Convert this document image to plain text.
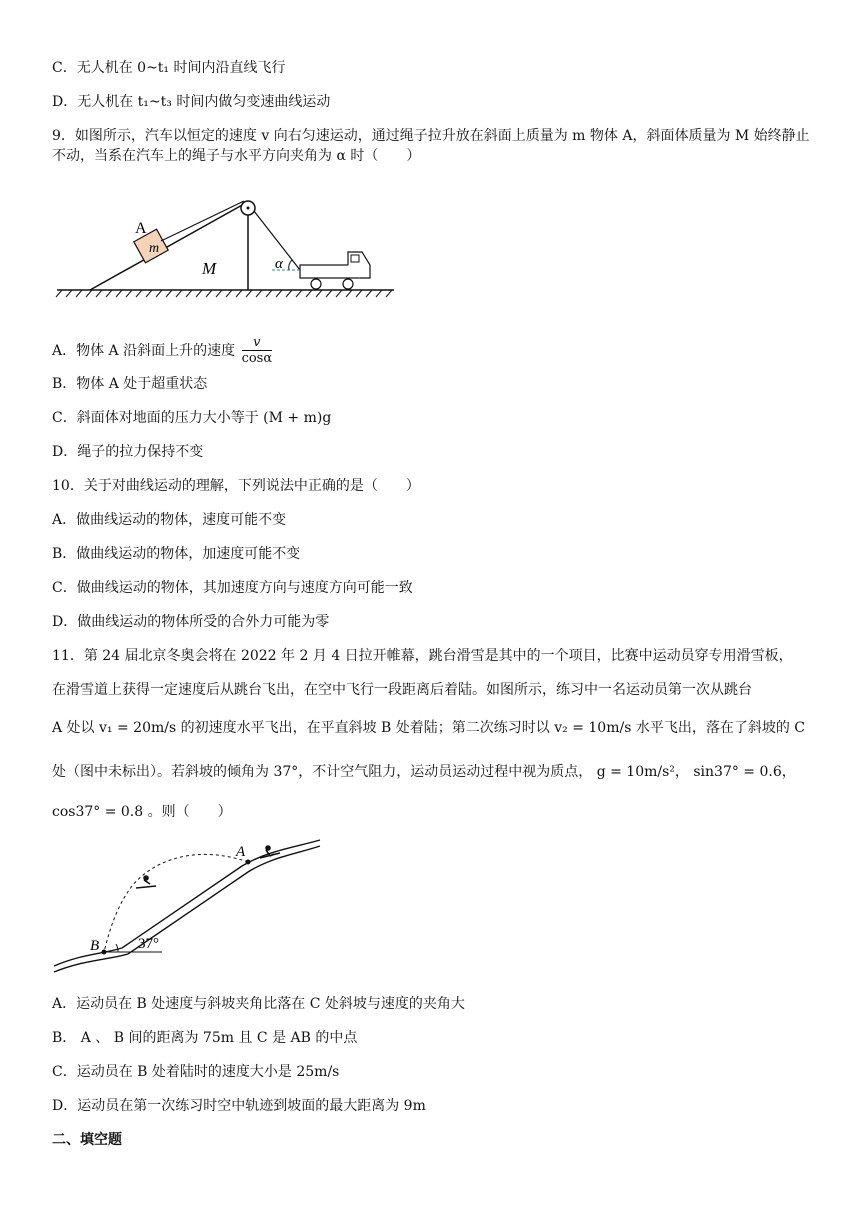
C．无人机在 0~t₁ 时间内沿直线飞行
D．无人机在 t₁~t₃ 时间内做匀变速曲线运动
9．如图所示，汽车以恒定的速度 v 向右匀速运动，通过绳子拉升放在斜面上质量为 m 物体 A，斜面体质量为 M 始终静止不动，当系在汽车上的绳子与水平方向夹角为 α 时（　　）
m
A
M	α
A．物体 A 沿斜面上升的速度 $\frac{v}{\cos\alpha}$
B．物体 A 处于超重状态
C．斜面体对地面的压力大小等于 (M + m)g
D．绳子的拉力保持不变
10．关于对曲线运动的理解，下列说法中正确的是（　　）
A．做曲线运动的物体，速度可能不变
B．做曲线运动的物体，加速度可能不变
C．做曲线运动的物体，其加速度方向与速度方向可能一致
D．做曲线运动的物体所受的合外力可能为零
11．第 24 届北京冬奥会将在 2022 年 2 月 4 日拉开帷幕，跳台滑雪是其中的一个项目，比赛中运动员穿专用滑雪板，
在滑雪道上获得一定速度后从跳台飞出，在空中飞行一段距离后着陆。如图所示，练习中一名运动员第一次从跳台
A 处以 v₁ = 20m/s 的初速度水平飞出，在平直斜坡 B 处着陆；第二次练习时以 v₂ = 10m/s 水平飞出，落在了斜坡的 C
处（图中未标出）。若斜坡的倾角为 37°，不计空气阻力，运动员运动过程中视为质点， g = 10m/s²， sin37° = 0.6，
cos37° = 0.8 。则（　　）
A
B	37°
A．运动员在 B 处速度与斜坡夹角比落在 C 处斜坡与速度的夹角大
B． A 、 B 间的距离为 75m 且 C 是 AB 的中点
C．运动员在 B 处着陆时的速度大小是 25m/s
D．运动员在第一次练习时空中轨迹到坡面的最大距离为 9m
二、填空题
